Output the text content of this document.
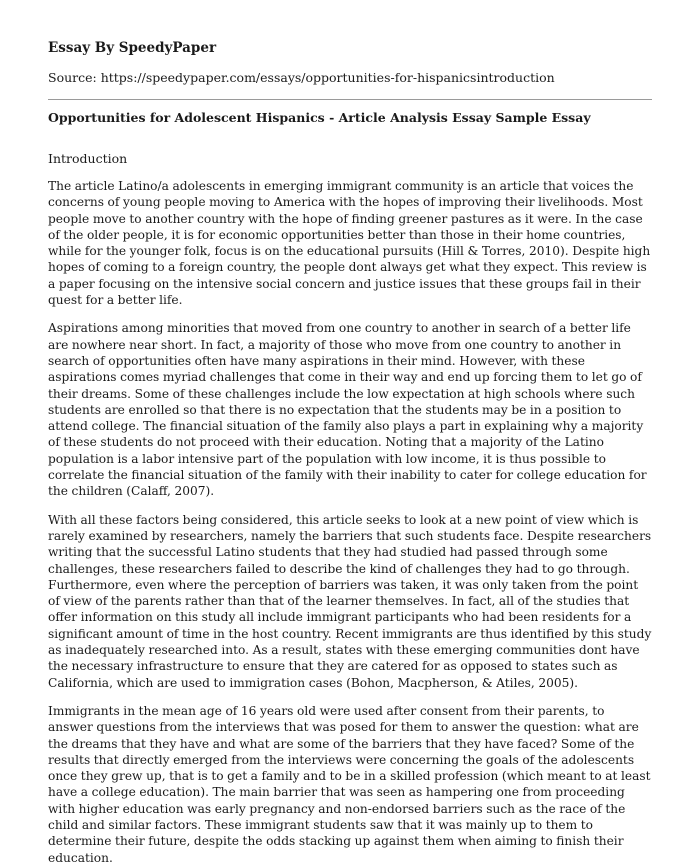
Essay By SpeedyPaper
Source: https://speedypaper.com/essays/opportunities-for-hispanicsintroduction
Opportunities for Adolescent Hispanics - Article Analysis Essay Sample Essay
Introduction

The article Latino/a adolescents in emerging immigrant community is an article that voices the concerns of young people moving to America with the hopes of improving their livelihoods. Most people move to another country with the hope of finding greener pastures as it were. In the case of the older people, it is for economic opportunities better than those in their home countries, while for the younger folk, focus is on the educational pursuits (Hill & Torres, 2010). Despite high hopes of coming to a foreign country, the people dont always get what they expect. This review is a paper focusing on the intensive social concern and justice issues that these groups fail in their quest for a better life.

Aspirations among minorities that moved from one country to another in search of a better life are nowhere near short. In fact, a majority of those who move from one country to another in search of opportunities often have many aspirations in their mind. However, with these aspirations comes myriad challenges that come in their way and end up forcing them to let go of their dreams. Some of these challenges include the low expectation at high schools where such students are enrolled so that there is no expectation that the students may be in a position to attend college. The financial situation of the family also plays a part in explaining why a majority of these students do not proceed with their education. Noting that a majority of the Latino population is a labor intensive part of the population with low income, it is thus possible to correlate the financial situation of the family with their inability to cater for college education for the children (Calaff, 2007).

With all these factors being considered, this article seeks to look at a new point of view which is rarely examined by researchers, namely the barriers that such students face. Despite researchers writing that the successful Latino students that they had studied had passed through some challenges, these researchers failed to describe the kind of challenges they had to go through. Furthermore, even where the perception of barriers was taken, it was only taken from the point of view of the parents rather than that of the learner themselves. In fact, all of the studies that offer information on this study all include immigrant participants who had been residents for a significant amount of time in the host country. Recent immigrants are thus identified by this study as inadequately researched into. As a result, states with these emerging communities dont have the necessary infrastructure to ensure that they are catered for as opposed to states such as California, which are used to immigration cases (Bohon, Macpherson, & Atiles, 2005).

Immigrants in the mean age of 16 years old were used after consent from their parents, to answer questions from the interviews that was posed for them to answer the question: what are the dreams that they have and what are some of the barriers that they have faced? Some of the results that directly emerged from the interviews were concerning the goals of the adolescents once they grew up, that is to get a family and to be in a skilled profession (which meant to at least have a college education). The main barrier that was seen as hampering one from proceeding with higher education was early pregnancy and non-endorsed barriers such as the race of the child and similar factors. These immigrant students saw that it was mainly up to them to determine their future, despite the odds stacking up against them when aiming to finish their education.
